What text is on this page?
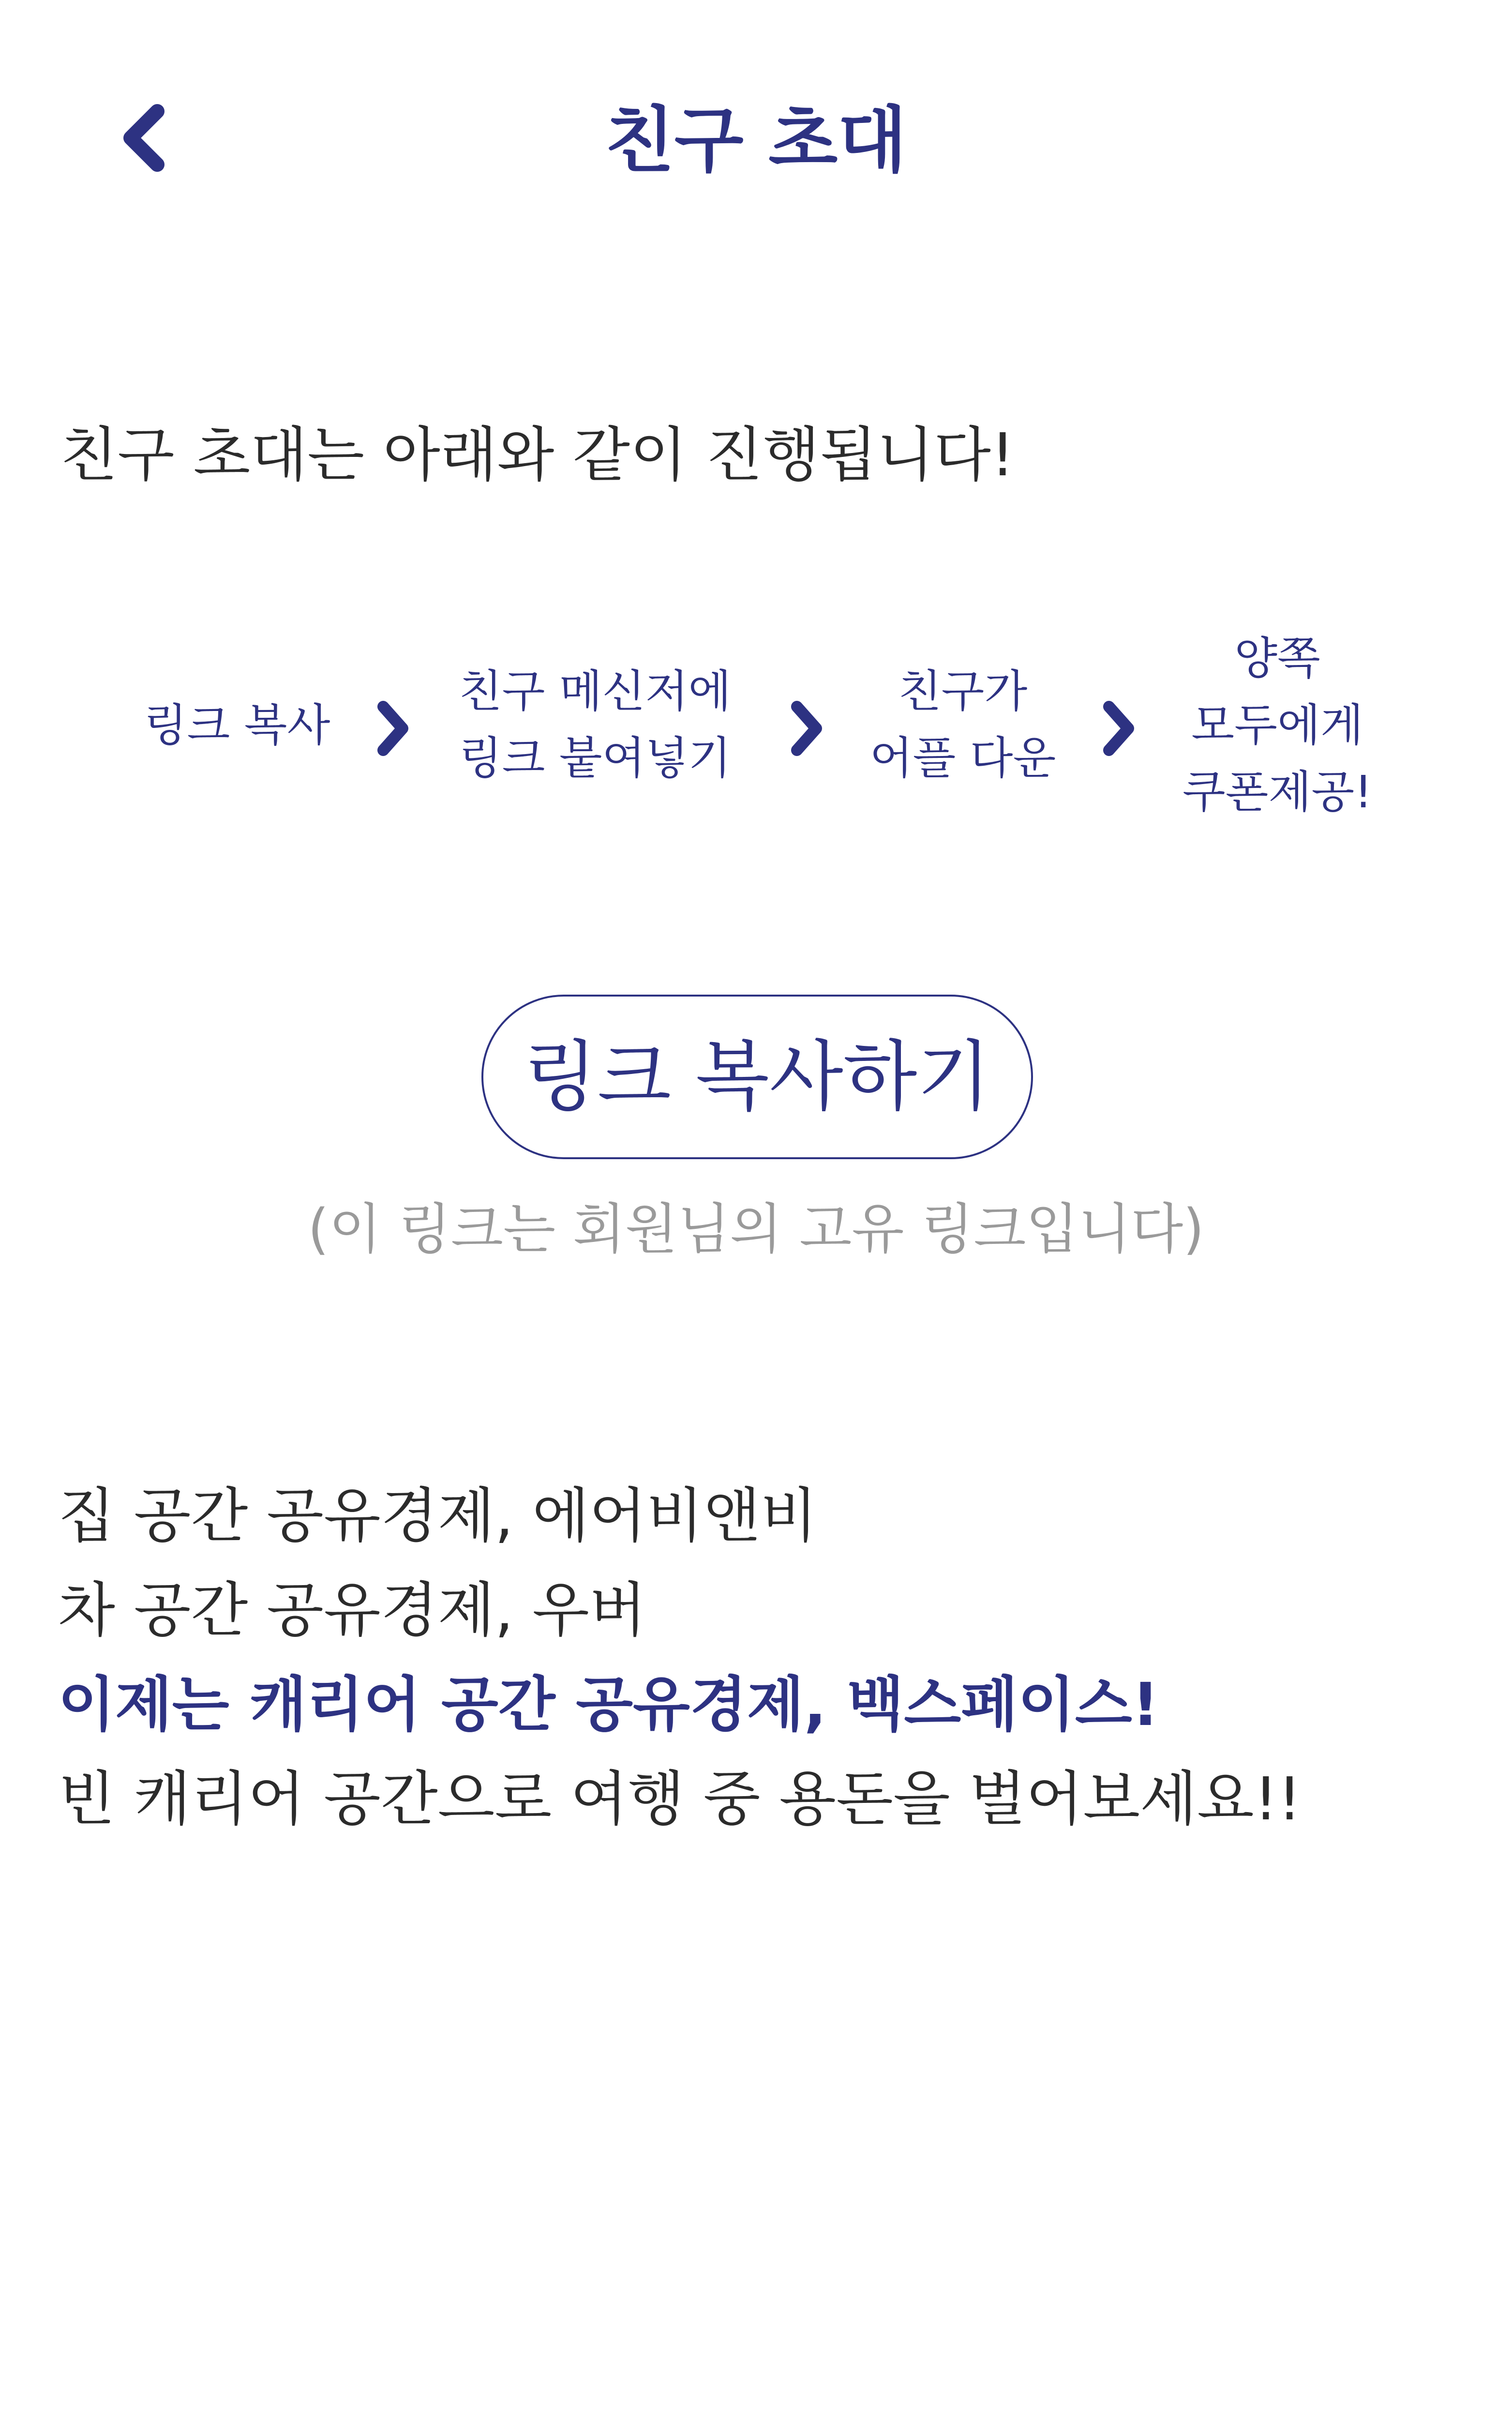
친구 초대
친구 초대는 아래와 같이 진행됩니다!
링크 복사
친구 메신저에
링크 붙여넣기
친구가
어플 다운
양쪽
모두에게
쿠폰제공!
링크 복사하기
(이 링크는 회원님의 고유 링크입니다)
집 공간 공유경제, 에어비앤비
차 공간 공유경제, 우버
이제는 캐리어 공간 공유경제, 백스페이스!
빈 캐리어 공간으로 여행 중 용돈을 벌어보세요!!
